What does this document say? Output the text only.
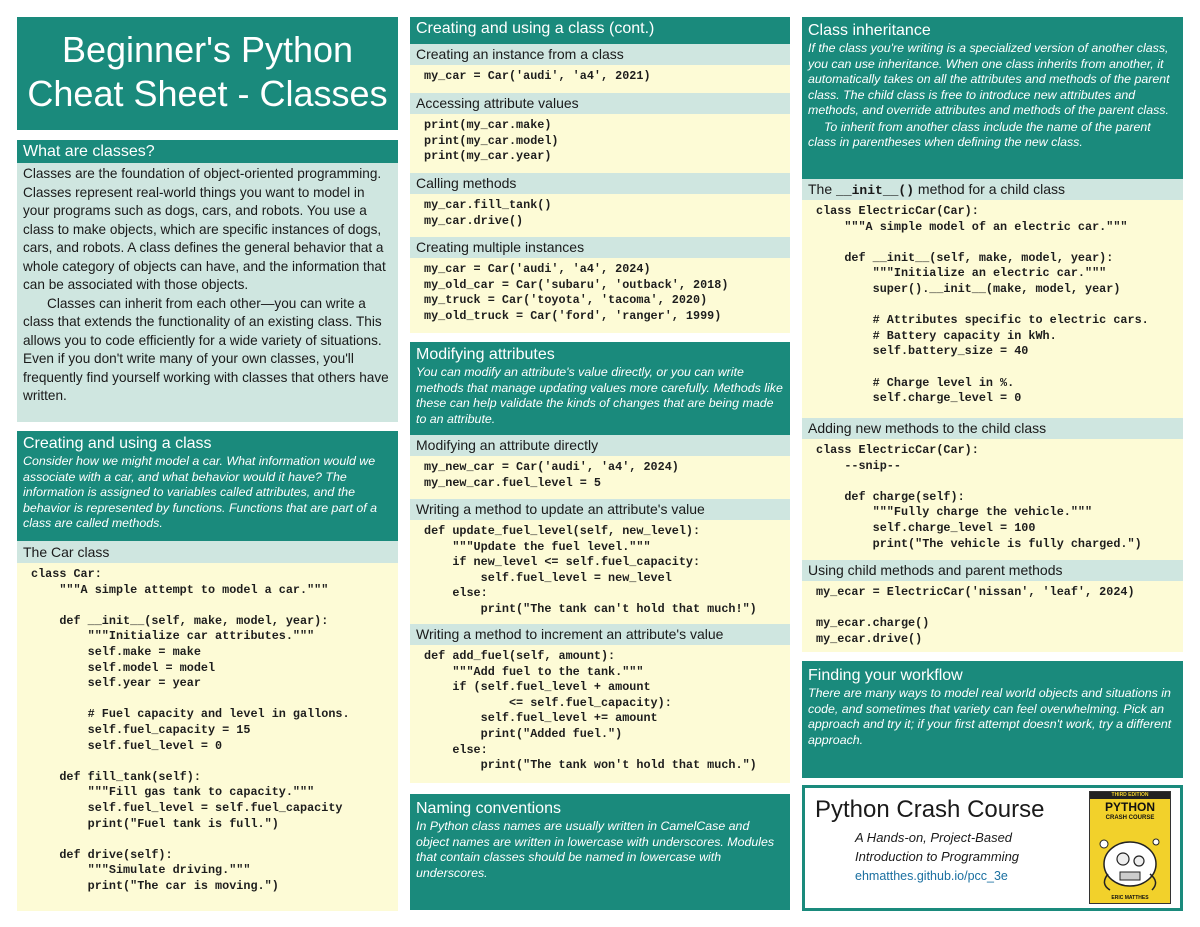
Beginner's Python
Cheat Sheet - Classes
What are classes?

Classes are the foundation of object-oriented programming. Classes represent real-world things you want to model in your programs such as dogs, cars, and robots. You use a class to make objects, which are specific instances of dogs, cars, and robots. A class defines the general behavior that a whole category of objects can have, and the information that can be associated with those objects.

Classes can inherit from each other—you can write a class that extends the functionality of an existing class. This allows you to code efficiently for a wide variety of situations. Even if you don't write many of your own classes, you'll frequently find yourself working with classes that others have written.

Creating and using a class
Consider how we might model a car. What information would we associate with a car, and what behavior would it have? The information is assigned to variables called attributes, and the behavior is represented by functions. Functions that are part of a class are called methods.
The Car class
class Car:
"""A simple attempt to model a car."""

def __init__(self, make, model, year):
"""Initialize car attributes."""
self.make = make
self.model = model
self.year = year

# Fuel capacity and level in gallons.
self.fuel_capacity = 15
self.fuel_level = 0

def fill_tank(self):
"""Fill gas tank to capacity."""
self.fuel_level = self.fuel_capacity
print("Fuel tank is full.")

def drive(self):
"""Simulate driving."""
print("The car is moving.")
Creating and using a class (cont.)
Creating an instance from a class
my_car = Car('audi', 'a4', 2021)
Accessing attribute values
print(my_car.make)
print(my_car.model)
print(my_car.year)
Calling methods
my_car.fill_tank()
my_car.drive()
Creating multiple instances
my_car = Car('audi', 'a4', 2024)
my_old_car = Car('subaru', 'outback', 2018)
my_truck = Car('toyota', 'tacoma', 2020)
my_old_truck = Car('ford', 'ranger', 1999)
Modifying attributes
You can modify an attribute's value directly, or you can write methods that manage updating values more carefully. Methods like these can help validate the kinds of changes that are being made to an attribute.
Modifying an attribute directly
my_new_car = Car('audi', 'a4', 2024)
my_new_car.fuel_level = 5
Writing a method to update an attribute's value
def update_fuel_level(self, new_level):
"""Update the fuel level."""
if new_level <= self.fuel_capacity:
self.fuel_level = new_level
else:
print("The tank can't hold that much!")
Writing a method to increment an attribute's value
def add_fuel(self, amount):
"""Add fuel to the tank."""
if (self.fuel_level + amount
<= self.fuel_capacity):
self.fuel_level += amount
print("Added fuel.")
else:
print("The tank won't hold that much.")
Naming conventions
In Python class names are usually written in CamelCase and object names are written in lowercase with underscores. Modules that contain classes should be named in lowercase with underscores.
Class inheritance
If the class you're writing is a specialized version of another class, you can use inheritance. When one class inherits from another, it automatically takes on all the attributes and methods of the parent class. The child class is free to introduce new attributes and methods, and override attributes and methods of the parent class.
To inherit from another class include the name of the parent class in parentheses when defining the new class.
The __init__() method for a child class
class ElectricCar(Car):
"""A simple model of an electric car."""

def __init__(self, make, model, year):
"""Initialize an electric car."""
super().__init__(make, model, year)

# Attributes specific to electric cars.
# Battery capacity in kWh.
self.battery_size = 40

# Charge level in %.
self.charge_level = 0
Adding new methods to the child class
class ElectricCar(Car):
--snip--

def charge(self):
"""Fully charge the vehicle."""
self.charge_level = 100
print("The vehicle is fully charged.")
Using child methods and parent methods
my_ecar = ElectricCar('nissan', 'leaf', 2024)

my_ecar.charge()
my_ecar.drive()
Finding your workflow
There are many ways to model real world objects and situations in code, and sometimes that variety can feel overwhelming. Pick an approach and try it; if your first attempt doesn't work, try a different approach.
Python Crash Course
A Hands-on, Project-Based
Introduction to Programming
ehmatthes.github.io/pcc_3e
THIRD EDITION
PYTHON
CRASH COURSE
ERIC MATTHES
